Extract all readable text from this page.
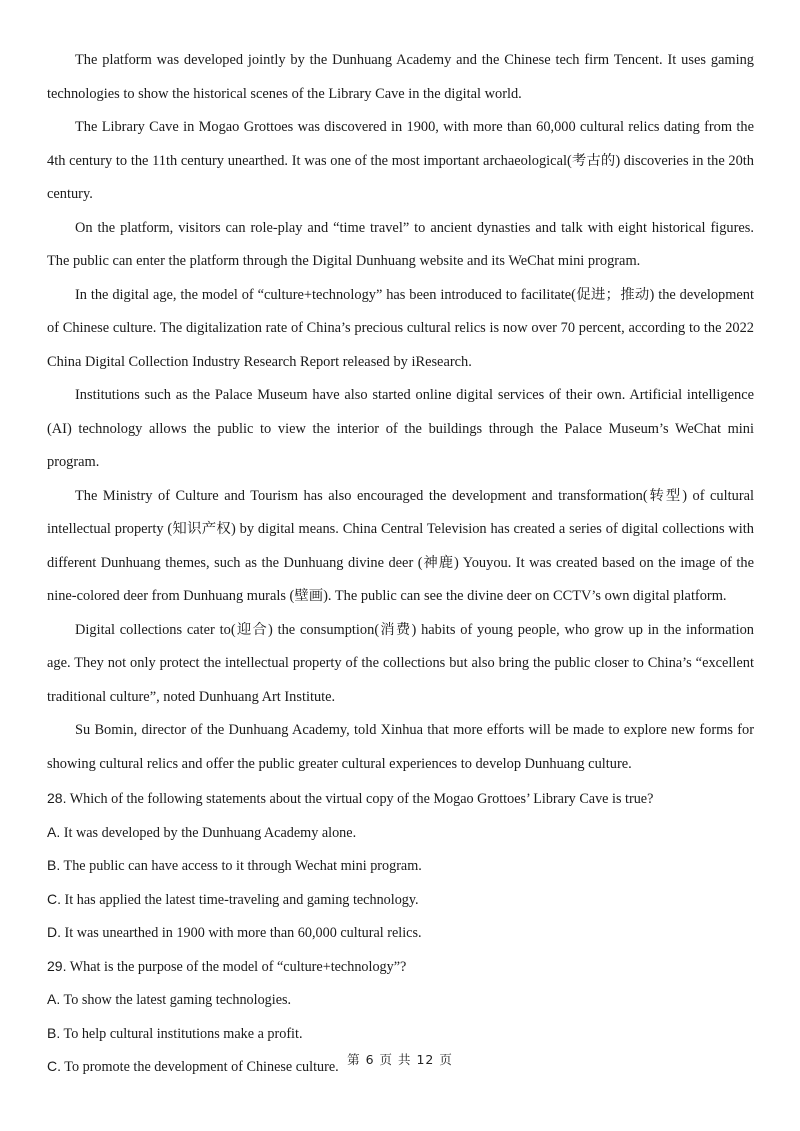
The platform was developed jointly by the Dunhuang Academy and the Chinese tech firm Tencent. It uses gaming technologies to show the historical scenes of the Library Cave in the digital world.

The Library Cave in Mogao Grottoes was discovered in 1900, with more than 60,000 cultural relics dating from the 4th century to the 11th century unearthed. It was one of the most important archaeological(考古的) discoveries in the 20th century.

On the platform, visitors can role-play and “time travel” to ancient dynasties and talk with eight historical figures. The public can enter the platform through the Digital Dunhuang website and its WeChat mini program.

In the digital age, the model of “culture+technology” has been introduced to facilitate(促进；推动) the development of Chinese culture. The digitalization rate of China’s precious cultural relics is now over 70 percent, according to the 2022 China Digital Collection Industry Research Report released by iResearch.

Institutions such as the Palace Museum have also started online digital services of their own. Artificial intelligence (AI) technology allows the public to view the interior of the buildings through the Palace Museum’s WeChat mini program.

The Ministry of Culture and Tourism has also encouraged the development and transformation(转型) of cultural intellectual property (知识产权) by digital means. China Central Television has created a series of digital collections with different Dunhuang themes, such as the Dunhuang divine deer (神鹿) Youyou. It was created based on the image of the nine-colored deer from Dunhuang murals (壁画). The public can see the divine deer on CCTV’s own digital platform.

Digital collections cater to(迎合) the consumption(消费) habits of young people, who grow up in the information age. They not only protect the intellectual property of the collections but also bring the public closer to China’s “excellent traditional culture”, noted Dunhuang Art Institute.

Su Bomin, director of the Dunhuang Academy, told Xinhua that more efforts will be made to explore new forms for showing cultural relics and offer the public greater cultural experiences to develop Dunhuang culture.

28. Which of the following statements about the virtual copy of the Mogao Grottoes’ Library Cave is true?

A. It was developed by the Dunhuang Academy alone.

B. The public can have access to it through Wechat mini program.

C. It has applied the latest time-traveling and gaming technology.

D. It was unearthed in 1900 with more than 60,000 cultural relics.

29. What is the purpose of the model of “culture+technology”?

A. To show the latest gaming technologies.

B. To help cultural institutions make a profit.

C. To promote the development of Chinese culture. 第 6 页 共 12 页
